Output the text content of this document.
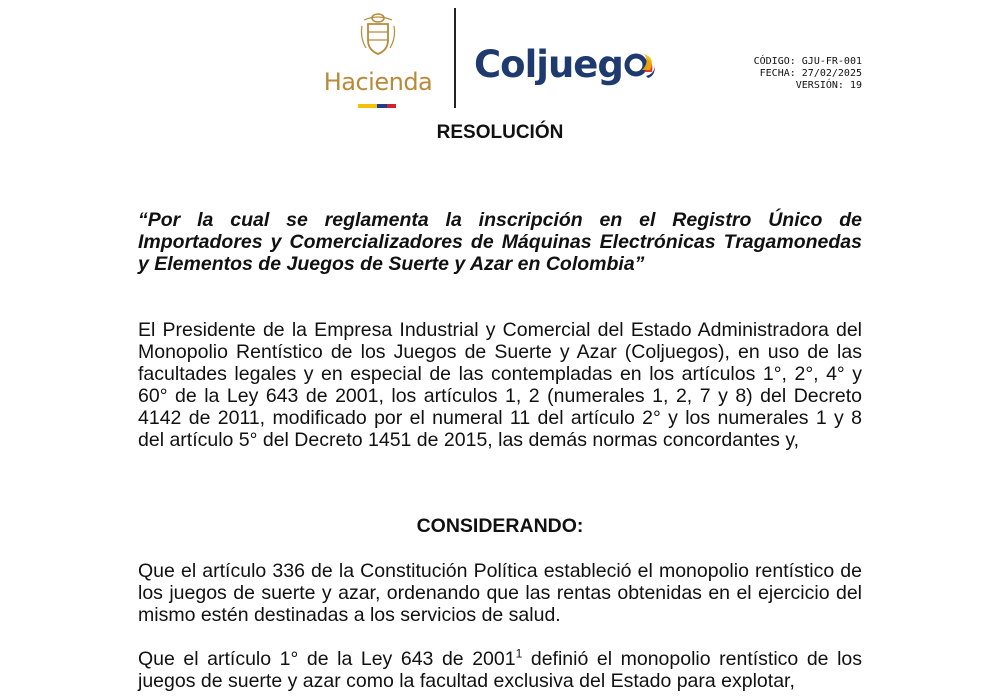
Hacienda Coljueg	CÓDIGO: GJU-FR-001
FECHA: 27/02/2025
VERSIÓN: 19
RESOLUCIÓN

“Por la cual se reglamenta la inscripción en el Registro Único de Importadores y Comercializadores de Máquinas Electrónicas Tragamonedas y Elementos de Juegos de Suerte y Azar en Colombia”

El Presidente de la Empresa Industrial y Comercial del Estado Administradora del Monopolio Rentístico de los Juegos de Suerte y Azar (Coljuegos), en uso de las facultades legales y en especial de las contempladas en los artículos 1°, 2°, 4° y 60° de la Ley 643 de 2001, los artículos 1, 2 (numerales 1, 2, 7 y 8) del Decreto 4142 de 2011, modificado por el numeral 11 del artículo 2° y los numerales 1 y 8 del artículo 5° del Decreto 1451 de 2015, las demás normas concordantes y,

CONSIDERANDO:

Que el artículo 336 de la Constitución Política estableció el monopolio rentístico de los juegos de suerte y azar, ordenando que las rentas obtenidas en el ejercicio del mismo estén destinadas a los servicios de salud.

Que el artículo 1° de la Ley 643 de 2001$^1$ definió el monopolio rentístico de los juegos de suerte y azar como la facultad exclusiva del Estado para explotar,
